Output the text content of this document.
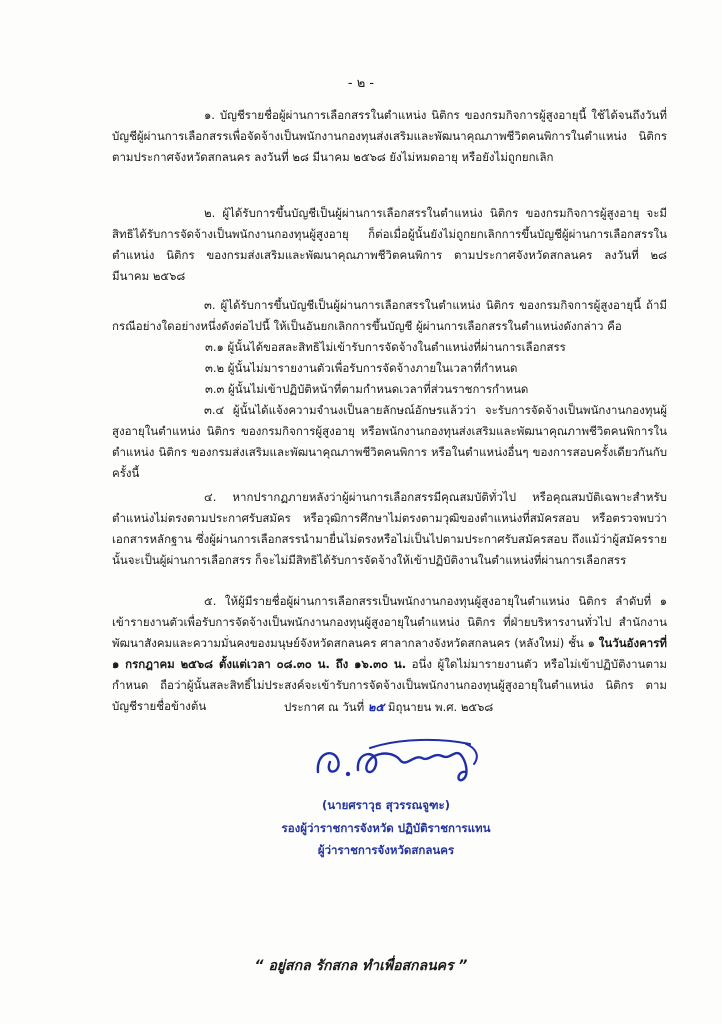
- ๒ -
๑. บัญชีรายชื่อผู้ผ่านการเลือกสรรในตำแหน่ง นิติกร ของกรมกิจการผู้สูงอายุนี้ ใช้ได้จนถึงวันที่บัญชีผู้ผ่านการเลือกสรรเพื่อจัดจ้างเป็นพนักงานกองทุนส่งเสริมและพัฒนาคุณภาพชีวิตคนพิการในตำแหน่ง นิติกร ตามประกาศจังหวัดสกลนคร ลงวันที่ ๒๘ มีนาคม ๒๕๖๘ ยังไม่หมดอายุ หรือยังไม่ถูกยกเลิก
๒. ผู้ได้รับการขึ้นบัญชีเป็นผู้ผ่านการเลือกสรรในตำแหน่ง นิติกร ของกรมกิจการผู้สูงอายุ จะมีสิทธิได้รับการจัดจ้างเป็นพนักงานกองทุนผู้สูงอายุ ก็ต่อเมื่อผู้นั้นยังไม่ถูกยกเลิกการขึ้นบัญชีผู้ผ่านการเลือกสรรในตำแหน่ง นิติกร ของกรมส่งเสริมและพัฒนาคุณภาพชีวิตคนพิการ ตามประกาศจังหวัดสกลนคร ลงวันที่ ๒๘ มีนาคม ๒๕๖๘
๓. ผู้ได้รับการขึ้นบัญชีเป็นผู้ผ่านการเลือกสรรในตำแหน่ง นิติกร ของกรมกิจการผู้สูงอายุนี้ ถ้ามีกรณีอย่างใดอย่างหนึ่งดังต่อไปนี้ ให้เป็นอันยกเลิกการขึ้นบัญชี ผู้ผ่านการเลือกสรรในตำแหน่งดังกล่าว คือ
๓.๑ ผู้นั้นได้ขอสละสิทธิไม่เข้ารับการจัดจ้างในตำแหน่งที่ผ่านการเลือกสรร
๓.๒ ผู้นั้นไม่มารายงานตัวเพื่อรับการจัดจ้างภายในเวลาที่กำหนด
๓.๓ ผู้นั้นไม่เข้าปฏิบัติหน้าที่ตามกำหนดเวลาที่ส่วนราชการกำหนด
๓.๔ ผู้นั้นได้แจ้งความจำนงเป็นลายลักษณ์อักษรแล้วว่า จะรับการจัดจ้างเป็นพนักงานกองทุนผู้สูงอายุในตำแหน่ง นิติกร ของกรมกิจการผู้สูงอายุ หรือพนักงานกองทุนส่งเสริมและพัฒนาคุณภาพชีวิตคนพิการในตำแหน่ง นิติกร ของกรมส่งเสริมและพัฒนาคุณภาพชีวิตคนพิการ หรือในตำแหน่งอื่นๆ ของการสอบครั้งเดียวกันกับครั้งนี้
๔. หากปรากฏภายหลังว่าผู้ผ่านการเลือกสรรมีคุณสมบัติทั่วไป หรือคุณสมบัติเฉพาะสำหรับตำแหน่งไม่ตรงตามประกาศรับสมัคร หรือวุฒิการศึกษาไม่ตรงตามวุฒิของตำแหน่งที่สมัครสอบ หรือตรวจพบว่าเอกสารหลักฐาน ซึ่งผู้ผ่านการเลือกสรรนำมายื่นไม่ตรงหรือไม่เป็นไปตามประกาศรับสมัครสอบ ถึงแม้ว่าผู้สมัครรายนั้นจะเป็นผู้ผ่านการเลือกสรร ก็จะไม่มีสิทธิได้รับการจัดจ้างให้เข้าปฏิบัติงานในตำแหน่งที่ผ่านการเลือกสรร
๕. ให้ผู้มีรายชื่อผู้ผ่านการเลือกสรรเป็นพนักงานกองทุนผู้สูงอายุในตำแหน่ง นิติกร ลำดับที่ ๑ เข้ารายงานตัวเพื่อรับการจัดจ้างเป็นพนักงานกองทุนผู้สูงอายุในตำแหน่ง นิติกร ที่ฝ่ายบริหารงานทั่วไป สำนักงานพัฒนาสังคมและความมั่นคงของมนุษย์จังหวัดสกลนคร ศาลากลางจังหวัดสกลนคร (หลังใหม่) ชั้น ๑ ในวันอังคารที่ ๑ กรกฎาคม ๒๕๖๘ ตั้งแต่เวลา ๐๘.๓๐ น. ถึง ๑๖.๓๐ น. อนึ่ง ผู้ใดไม่มารายงานตัว หรือไม่เข้าปฏิบัติงานตามกำหนด ถือว่าผู้นั้นสละสิทธิ์ไม่ประสงค์จะเข้ารับการจัดจ้างเป็นพนักงานกองทุนผู้สูงอายุในตำแหน่ง นิติกร ตามบัญชีรายชื่อข้างต้น	ประกาศ ณ วันที่ ๒๕ มิถุนายน พ.ศ. ๒๕๖๘
(นายศราวุธ สุวรรณจูฑะ)
รองผู้ว่าราชการจังหวัด ปฏิบัติราชการแทน
ผู้ว่าราชการจังหวัดสกลนคร
“ อยู่สกล รักสกล ทำเพื่อสกลนคร ”
